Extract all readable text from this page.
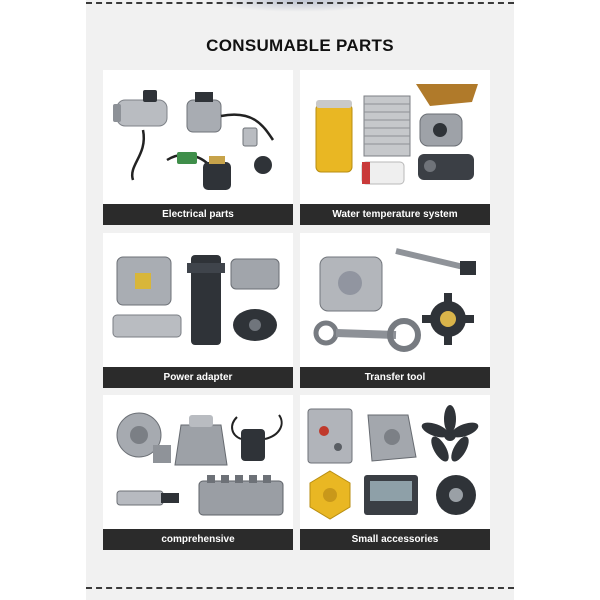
CONSUMABLE PARTS
Electrical parts	Water temperature system
Power adapter	Transfer tool
comprehensive	Small accessories
